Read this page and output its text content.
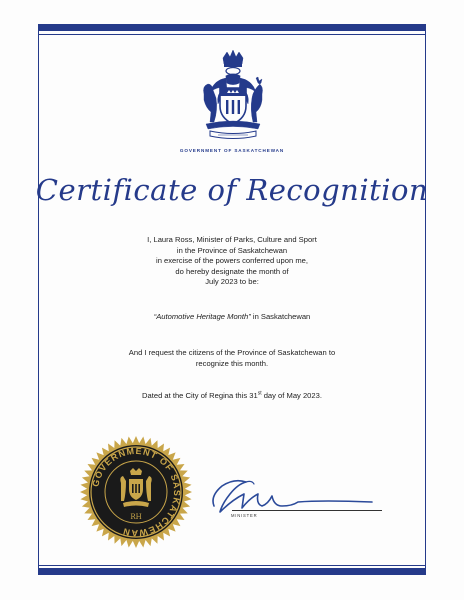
GOVERNMENT OF SASKATCHEWAN
Certificate of Recognition
I, Laura Ross, Minister of Parks, Culture and Sport
in the Province of Saskatchewan
in exercise of the powers conferred upon me,
do hereby designate the month of
July 2023 to be:
“Automotive Heritage Month” in Saskatchewan
And I request the citizens of the Province of Saskatchewan to
recognize this month.
Dated at the City of Regina this 31st day of May 2023.
GOVERNMENT OF SASKATCHEWAN
RH	MINISTER
